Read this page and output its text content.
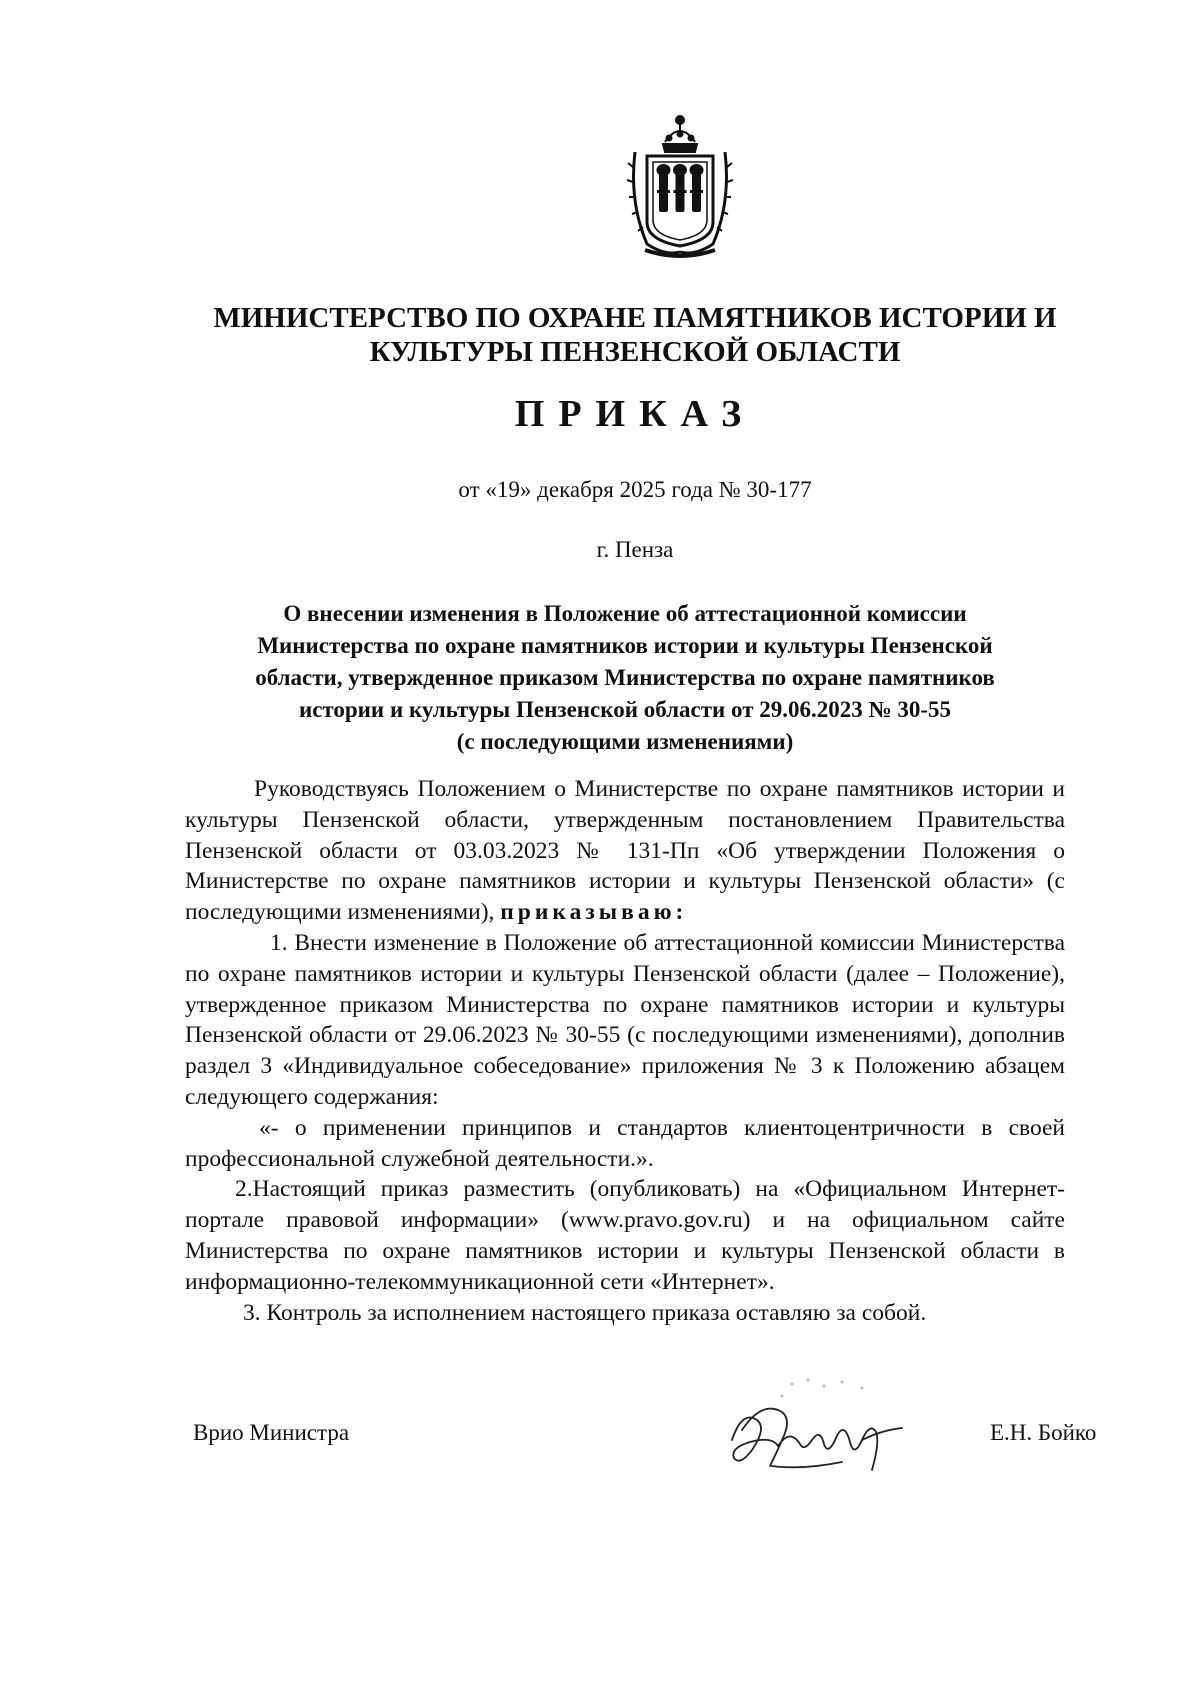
МИНИСТЕРСТВО ПО ОХРАНЕ ПАМЯТНИКОВ ИСТОРИИ И
КУЛЬТУРЫ ПЕНЗЕНСКОЙ ОБЛАСТИ
ПРИКАЗ
от «19» декабря 2025 года № 30-177
г. Пенза
О внесении изменения в Положение об аттестационной комиссии
Министерства по охране памятников истории и культуры Пензенской
области, утвержденное приказом Министерства по охране памятников
истории и культуры Пензенской области от 29.06.2023 № 30-55
(с последующими изменениями)

Руководствуясь Положением о Министерстве по охране памятников истории и культуры Пензенской области, утвержденным постановлением Правительства Пензенской области от 03.03.2023 № 131-Пп «Об утверждении Положения о Министерстве по охране памятников истории и культуры Пензенской области» (с последующими изменениями), приказываю:

1. Внести изменение в Положение об аттестационной комиссии Министерства по охране памятников истории и культуры Пензенской области (далее – Положение), утвержденное приказом Министерства по охране памятников истории и культуры Пензенской области от 29.06.2023 № 30-55 (с последующими изменениями), дополнив раздел 3 «Индивидуальное собеседование» приложения № 3 к Положению абзацем следующего содержания:

«- о применении принципов и стандартов клиентоцентричности в своей профессиональной служебной деятельности.».

2.Настоящий приказ разместить (опубликовать) на «Официальном Интернет-портале правовой информации» (www.pravo.gov.ru) и на официальном сайте Министерства по охране памятников истории и культуры Пензенской области в информационно-телекоммуникационной сети «Интернет».

3. Контроль за исполнением настоящего приказа оставляю за собой.

Врио Министра	Е.Н. Бойко
